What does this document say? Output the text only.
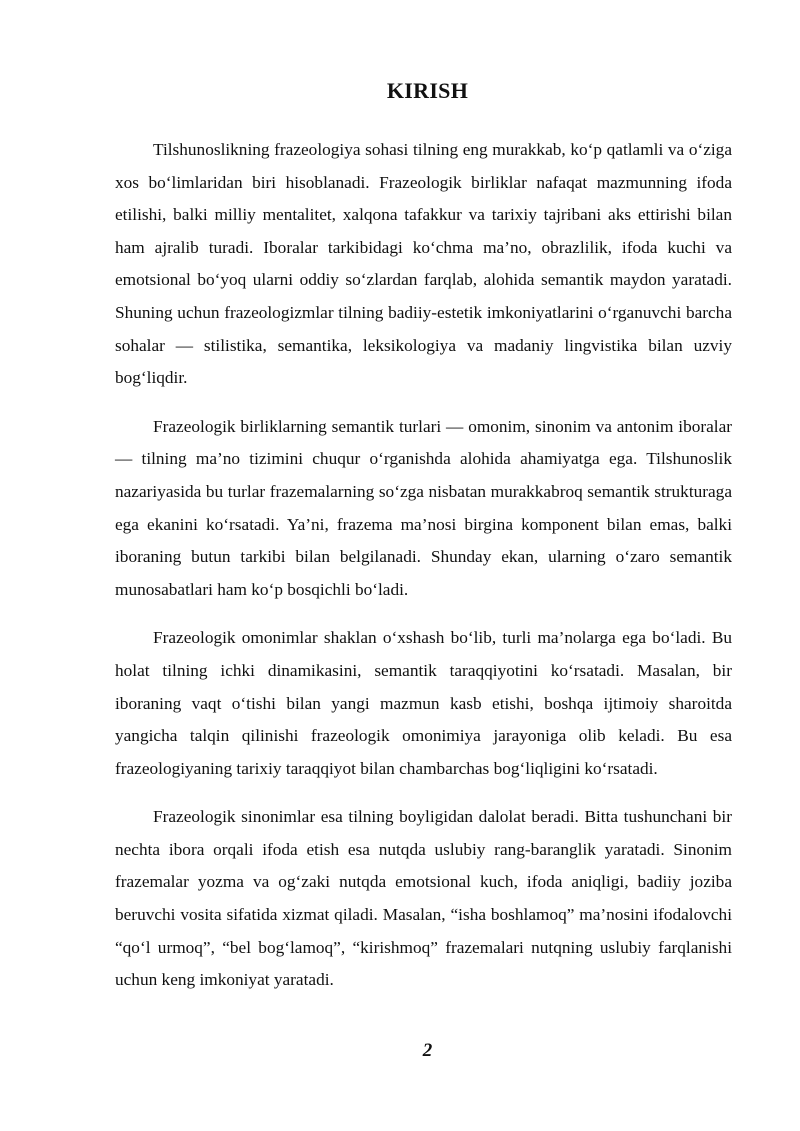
KIRISH

Tilshunoslikning frazeologiya sohasi tilning eng murakkab, ko‘p qatlamli va o‘ziga xos bo‘limlaridan biri hisoblanadi. Frazeologik birliklar nafaqat mazmunning ifoda etilishi, balki milliy mentalitet, xalqona tafakkur va tarixiy tajribani aks ettirishi bilan ham ajralib turadi. Iboralar tarkibidagi ko‘chma ma’no, obrazlilik, ifoda kuchi va emotsional bo‘yoq ularni oddiy so‘zlardan farqlab, alohida semantik maydon yaratadi. Shuning uchun frazeologizmlar tilning badiiy-estetik imkoniyatlarini o‘rganuvchi barcha sohalar — stilistika, semantika, leksikologiya va madaniy lingvistika bilan uzviy bog‘liqdir.

Frazeologik birliklarning semantik turlari — omonim, sinonim va antonim iboralar — tilning ma’no tizimini chuqur o‘rganishda alohida ahamiyatga ega. Tilshunoslik nazariyasida bu turlar frazemalarning so‘zga nisbatan murakkabroq semantik strukturaga ega ekanini ko‘rsatadi. Ya’ni, frazema ma’nosi birgina komponent bilan emas, balki iboraning butun tarkibi bilan belgilanadi. Shunday ekan, ularning o‘zaro semantik munosabatlari ham ko‘p bosqichli bo‘ladi.

Frazeologik omonimlar shaklan o‘xshash bo‘lib, turli ma’nolarga ega bo‘ladi. Bu holat tilning ichki dinamikasini, semantik taraqqiyotini ko‘rsatadi. Masalan, bir iboraning vaqt o‘tishi bilan yangi mazmun kasb etishi, boshqa ijtimoiy sharoitda yangicha talqin qilinishi frazeologik omonimiya jarayoniga olib keladi. Bu esa frazeologiyaning tarixiy taraqqiyot bilan chambarchas bog‘liqligini ko‘rsatadi.

Frazeologik sinonimlar esa tilning boyligidan dalolat beradi. Bitta tushunchani bir nechta ibora orqali ifoda etish esa nutqda uslubiy rang-baranglik yaratadi. Sinonim frazemalar yozma va og‘zaki nutqda emotsional kuch, ifoda aniqligi, badiiy joziba beruvchi vosita sifatida xizmat qiladi. Masalan, “isha boshlamoq” ma’nosini ifodalovchi “qo‘l urmoq”, “bel bog‘lamoq”, “kirishmoq” frazemalari nutqning uslubiy farqlanishi uchun keng imkoniyat yaratadi.

2
